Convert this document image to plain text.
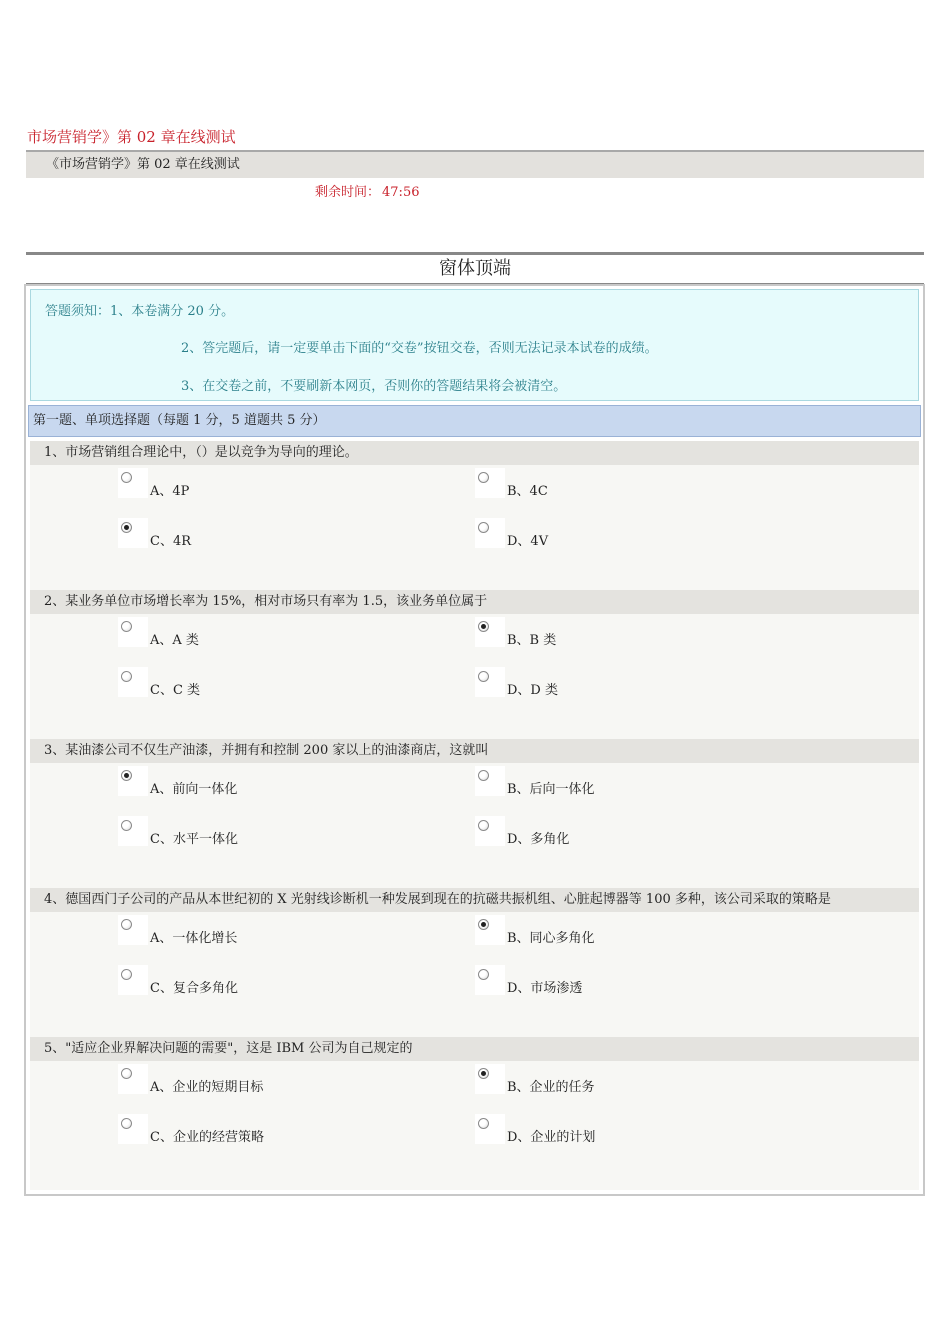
市场营销学》第 02 章在线测试
《市场营销学》第 02 章在线测试
剩余时间： 47:56
窗体顶端
答题须知：1、本卷满分 20 分。
2、答完题后，请一定要单击下面的“交卷”按钮交卷，否则无法记录本试卷的成绩。
3、在交卷之前，不要刷新本网页，否则你的答题结果将会被清空。
第一题、单项选择题（每题 1 分，5 道题共 5 分）
1、市场营销组合理论中，（）是以竞争为导向的理论。
A、4P	B、4C
C、4R	D、4V
2、某业务单位市场增长率为 15%，相对市场只有率为 1.5，该业务单位属于
A、A 类	B、B 类
C、C 类	D、D 类
3、某油漆公司不仅生产油漆，并拥有和控制 200 家以上的油漆商店，这就叫
A、前向一体化	B、后向一体化
C、水平一体化	D、多角化
4、德国西门子公司的产品从本世纪初的 X 光射线诊断机一种发展到现在的抗磁共振机组、心脏起博器等 100 多种，该公司采取的策略是
A、一体化增长	B、同心多角化
C、复合多角化	D、市场渗透
5、"适应企业界解决问题的需要"，这是 IBM 公司为自己规定的
A、企业的短期目标	B、企业的任务
C、企业的经营策略	D、企业的计划
